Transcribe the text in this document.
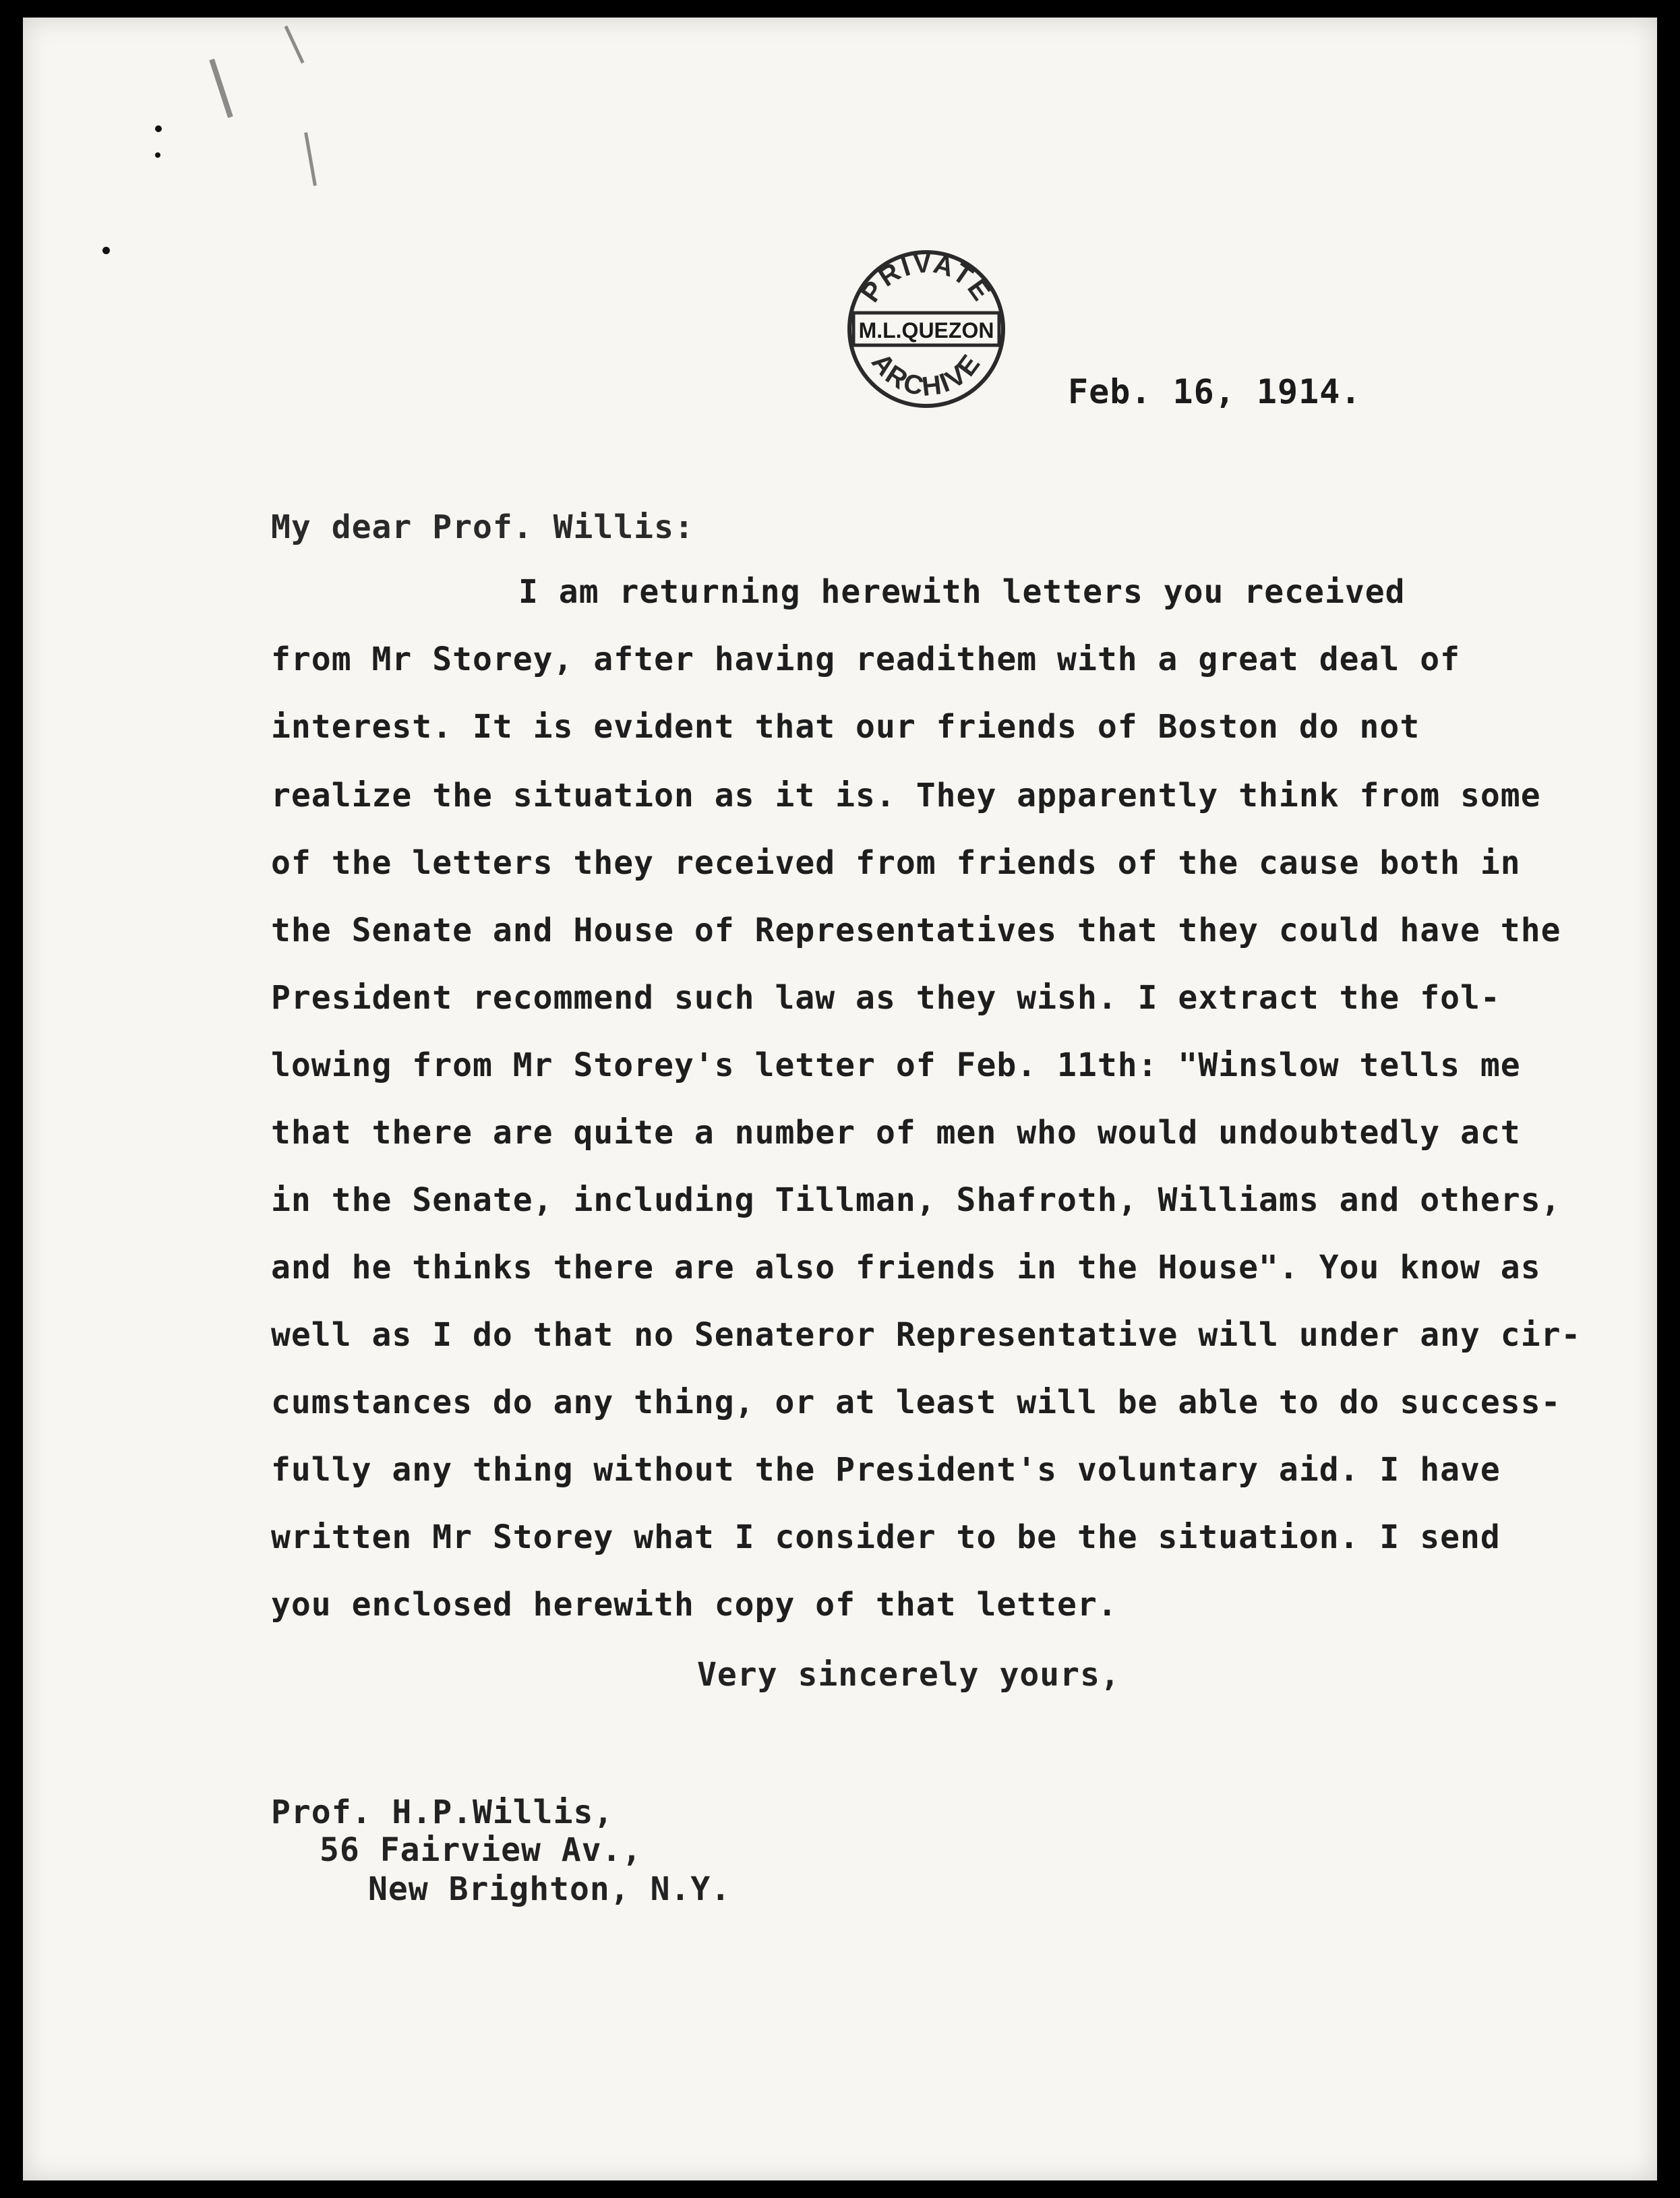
PRIVATE
M.L.QUEZON
ARCHIVE
Feb. 16, 1914.
My dear Prof. Willis:
I am returning herewith letters you received
from Mr Storey, after having readithem with a great deal of
interest. It is evident that our friends of Boston do not
realize the situation as it is. They apparently think from some
of the letters they received from friends of the cause both in
the Senate and House of Representatives that they could have the
President recommend such law as they wish. I extract the fol-
lowing from Mr Storey's letter of Feb. 11th: "Winslow tells me
that there are quite a number of men who would undoubtedly act
in the Senate, including Tillman, Shafroth, Williams and others,
and he thinks there are also friends in the House". You know as
well as I do that no Senateror Representative will under any cir-
cumstances do any thing, or at least will be able to do success-
fully any thing without the President's voluntary aid. I have
written Mr Storey what I consider to be the situation. I send
you enclosed herewith copy of that letter.
Very sincerely yours,
Prof. H.P.Willis,
56 Fairview Av.,
New Brighton, N.Y.
